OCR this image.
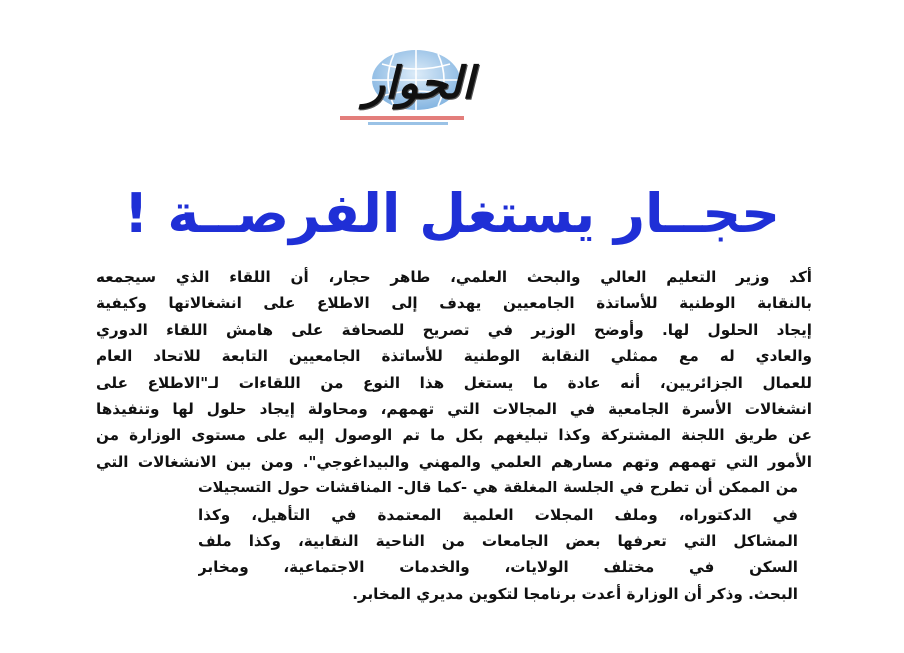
الحوار
حجــار يستغل الفرصــة !
أكد وزير التعليم العالي والبحث العلمي، طاهر حجار، أن اللقاء الذي سيجمعه
بالنقابة الوطنية للأساتذة الجامعيين يهدف إلى الاطلاع على انشغالاتها وكيفية
إيجاد الحلول لها. وأوضح الوزير في تصريح للصحافة على هامش اللقاء الدوري
والعادي له مع ممثلي النقابة الوطنية للأساتذة الجامعيين التابعة للاتحاد العام
للعمال الجزائريين، أنه عادة ما يستغل هذا النوع من اللقاءات لـ"الاطلاع على
انشغالات الأسرة الجامعية في المجالات التي تهمهم، ومحاولة إيجاد حلول لها وتنفيذها
عن طريق اللجنة المشتركة وكذا تبليغهم بكل ما تم الوصول إليه على مستوى الوزارة من
الأمور التي تهمهم وتهم مسارهم العلمي والمهني والبيداغوجي". ومن بين الانشغالات التي
من الممكن أن تطرح في الجلسة المغلقة هي -كما قال- المناقشات حول التسجيلات
في الدكتوراه، وملف المجلات العلمية المعتمدة في التأهيل، وكذا
المشاكل التي تعرفها بعض الجامعات من الناحية النقابية، وكذا ملف
السكن في مختلف الولايات، والخدمات الاجتماعية، ومخابر
البحث. وذكر أن الوزارة أعدت برنامجا لتكوين مديري المخابر.
